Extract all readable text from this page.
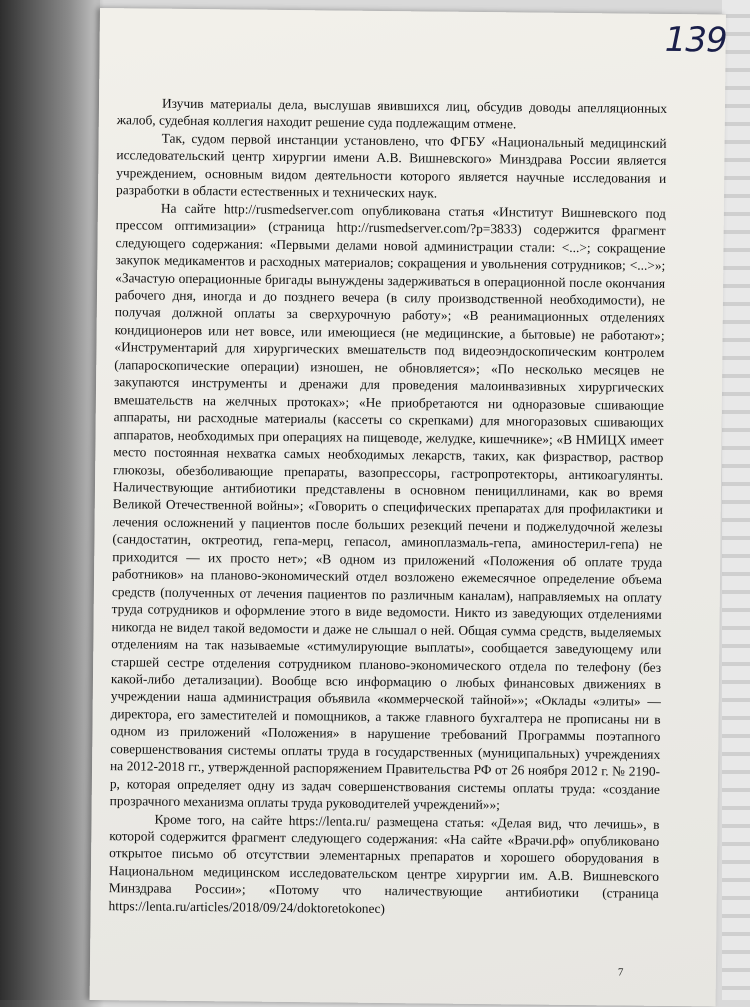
139

Изучив материалы дела, выслушав явившихся лиц, обсудив доводы апелляционных жалоб, судебная коллегия находит решение суда подлежащим отмене.

Так, судом первой инстанции установлено, что ФГБУ «Национальный медицинский исследовательский центр хирургии имени А.В. Вишневского» Минздрава России является учреждением, основным видом деятельности которого является научные исследования и разработки в области естественных и технических наук.

На сайте http://rusmedserver.com опубликована статья «Институт Вишневского под прессом оптимизации» (страница http://rusmedserver.com/?p=3833) содержится фрагмент следующего содержания: «Первыми делами новой администрации стали: <...>; сокращение закупок медикаментов и расходных материалов; сокращения и увольнения сотрудников; <...>»; «Зачастую операционные бригады вынуждены задерживаться в операционной после окончания рабочего дня, иногда и до позднего вечера (в силу производственной необходимости), не получая должной оплаты за сверхурочную работу»; «В реанимационных отделениях кондиционеров или нет вовсе, или имеющиеся (не медицинские, а бытовые) не работают»; «Инструментарий для хирургических вмешательств под видеоэндоскопическим контролем (лапароскопические операции) изношен, не обновляется»; «По несколько месяцев не закупаются инструменты и дренажи для проведения малоинвазивных хирургических вмешательств на желчных протоках»; «Не приобретаются ни одноразовые сшивающие аппараты, ни расходные материалы (кассеты со скрепками) для многоразовых сшивающих аппаратов, необходимых при операциях на пищеводе, желудке, кишечнике»; «В НМИЦХ имеет место постоянная нехватка самых необходимых лекарств, таких, как физраствор, раствор глюкозы, обезболивающие препараты, вазопрессоры, гастропротекторы, антикоагулянты. Наличествующие антибиотики представлены в основном пенициллинами, как во время Великой Отечественной войны»; «Говорить о специфических препаратах для профилактики и лечения осложнений у пациентов после больших резекций печени и поджелудочной железы (сандостатин, октреотид, гепа-мерц, гепасол, аминоплазмаль-гепа, аминостерил-гепа) не приходится — их просто нет»; «В одном из приложений «Положения об оплате труда работников» на планово-экономический отдел возложено ежемесячное определение объема средств (полученных от лечения пациентов по различным каналам), направляемых на оплату труда сотрудников и оформление этого в виде ведомости. Никто из заведующих отделениями никогда не видел такой ведомости и даже не слышал о ней. Общая сумма средств, выделяемых отделениям на так называемые «стимулирующие выплаты», сообщается заведующему или старшей сестре отделения сотрудником планово-экономического отдела по телефону (без какой-либо детализации). Вообще всю информацию о любых финансовых движениях в учреждении наша администрация объявила «коммерческой тайной»»; «Оклады «элиты» — директора, его заместителей и помощников, а также главного бухгалтера не прописаны ни в одном из приложений «Положения» в нарушение требований Программы поэтапного совершенствования системы оплаты труда в государственных (муниципальных) учреждениях на 2012-2018 гг., утвержденной распоряжением Правительства РФ от 26 ноября 2012 г. № 2190-р, которая определяет одну из задач совершенствования системы оплаты труда: «создание прозрачного механизма оплаты труда руководителей учреждений»»;

Кроме того, на сайте https://lenta.ru/ размещена статья: «Делая вид, что лечишь», в которой содержится фрагмент следующего содержания: «На сайте «Врачи.рф» опубликовано открытое письмо об отсутствии элементарных препаратов и хорошего оборудования в Национальном медицинском исследовательском центре хирургии им. А.В. Вишневского Минздрава России»; «Потому что наличествующие антибиотики (страница https://lenta.ru/articles/2018/09/24/doktoretokonec)

7
